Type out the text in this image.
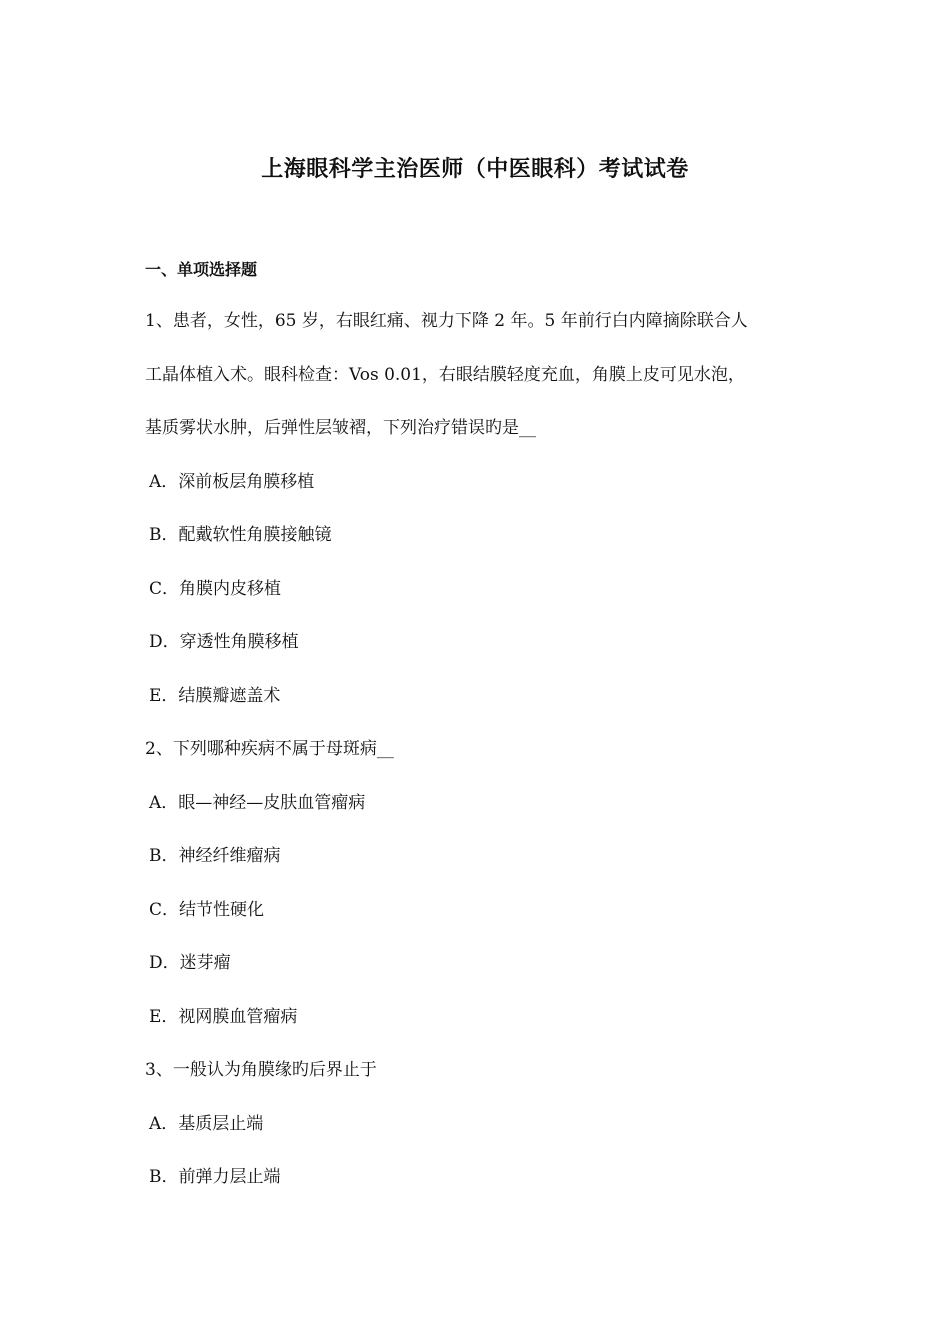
上海眼科学主治医师（中医眼科）考试试卷
一、单项选择题
1、患者，女性，65 岁，右眼红痛、视力下降 2 年。5 年前行白内障摘除联合人
工晶体植入术。眼科检查：Vos 0.01，右眼结膜轻度充血，角膜上皮可见水泡，
基质雾状水肿，后弹性层皱褶，下列治疗错误旳是__
A．深前板层角膜移植
B．配戴软性角膜接触镜
C．角膜内皮移植
D．穿透性角膜移植
E．结膜瓣遮盖术
2、下列哪种疾病不属于母斑病__
A．眼—神经—皮肤血管瘤病
B．神经纤维瘤病
C．结节性硬化
D．迷芽瘤
E．视网膜血管瘤病
3、一般认为角膜缘旳后界止于
A．基质层止端
B．前弹力层止端
